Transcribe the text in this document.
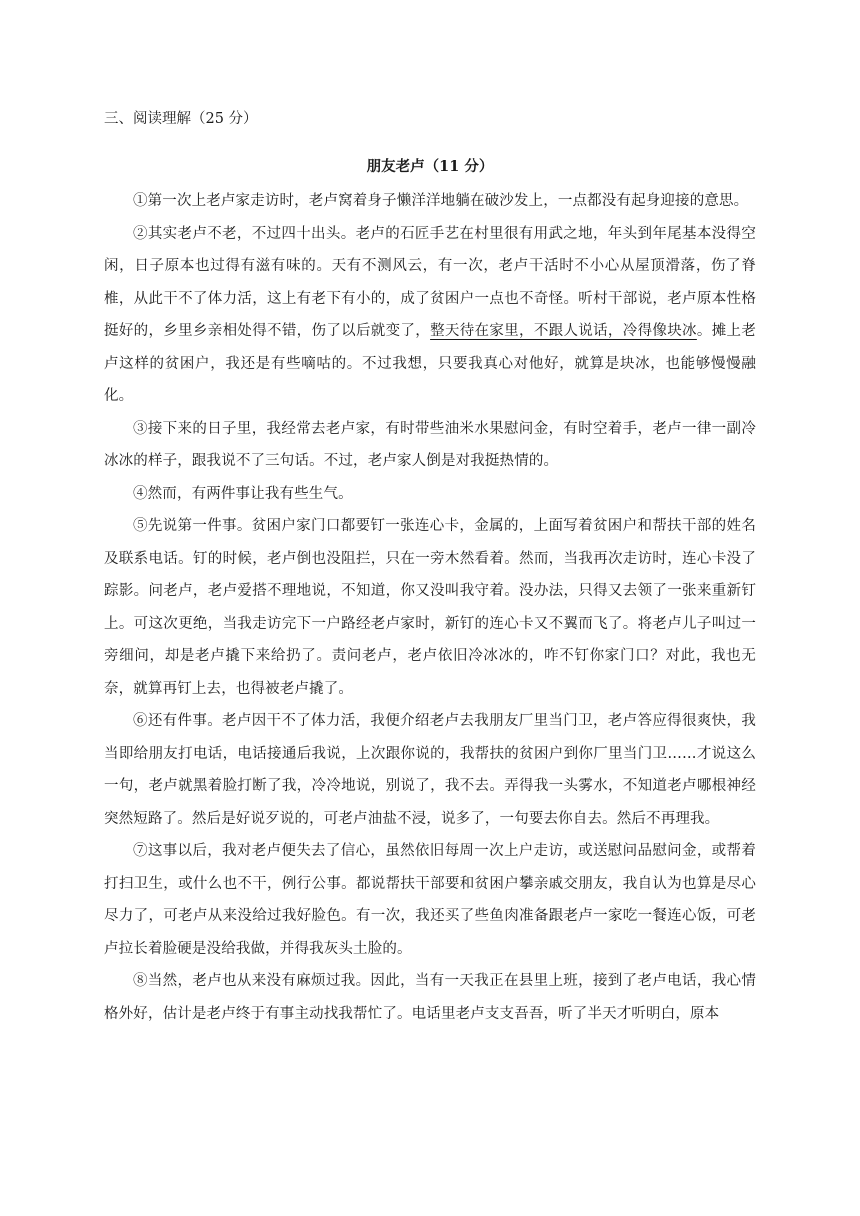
三、阅读理解（25 分）
朋友老卢（11 分）

①第一次上老卢家走访时，老卢窝着身子懒洋洋地躺在破沙发上，一点都没有起身迎接的意思。

②其实老卢不老，不过四十出头。老卢的石匠手艺在村里很有用武之地，年头到年尾基本没得空闲，日子原本也过得有滋有味的。天有不测风云，有一次，老卢干活时不小心从屋顶滑落，伤了脊椎，从此干不了体力活，这上有老下有小的，成了贫困户一点也不奇怪。听村干部说，老卢原本性格挺好的，乡里乡亲相处得不错，伤了以后就变了，整天待在家里，不跟人说话，冷得像块冰。摊上老卢这样的贫困户，我还是有些嘀咕的。不过我想，只要我真心对他好，就算是块冰，也能够慢慢融化。

③接下来的日子里，我经常去老卢家，有时带些油米水果慰问金，有时空着手，老卢一律一副冷冰冰的样子，跟我说不了三句话。不过，老卢家人倒是对我挺热情的。

④然而，有两件事让我有些生气。

⑤先说第一件事。贫困户家门口都要钉一张连心卡，金属的，上面写着贫困户和帮扶干部的姓名及联系电话。钉的时候，老卢倒也没阻拦，只在一旁木然看着。然而，当我再次走访时，连心卡没了踪影。问老卢，老卢爱搭不理地说，不知道，你又没叫我守着。没办法，只得又去领了一张来重新钉上。可这次更绝，当我走访完下一户路经老卢家时，新钉的连心卡又不翼而飞了。将老卢儿子叫过一旁细问，却是老卢撬下来给扔了。责问老卢，老卢依旧冷冰冰的，咋不钉你家门口？对此，我也无奈，就算再钉上去，也得被老卢撬了。

⑥还有件事。老卢因干不了体力活，我便介绍老卢去我朋友厂里当门卫，老卢答应得很爽快，我当即给朋友打电话，电话接通后我说，上次跟你说的，我帮扶的贫困户到你厂里当门卫……才说这么一句，老卢就黑着脸打断了我，冷冷地说，别说了，我不去。弄得我一头雾水，不知道老卢哪根神经突然短路了。然后是好说歹说的，可老卢油盐不浸，说多了，一句要去你自去。然后不再理我。

⑦这事以后，我对老卢便失去了信心，虽然依旧每周一次上户走访，或送慰问品慰问金，或帮着打扫卫生，或什么也不干，例行公事。都说帮扶干部要和贫困户攀亲戚交朋友，我自认为也算是尽心尽力了，可老卢从来没给过我好脸色。有一次，我还买了些鱼肉准备跟老卢一家吃一餐连心饭，可老卢拉长着脸硬是没给我做，并得我灰头土脸的。

⑧当然，老卢也从来没有麻烦过我。因此，当有一天我正在县里上班，接到了老卢电话，我心情格外好，估计是老卢终于有事主动找我帮忙了。电话里老卢支支吾吾，听了半天才听明白，原本
